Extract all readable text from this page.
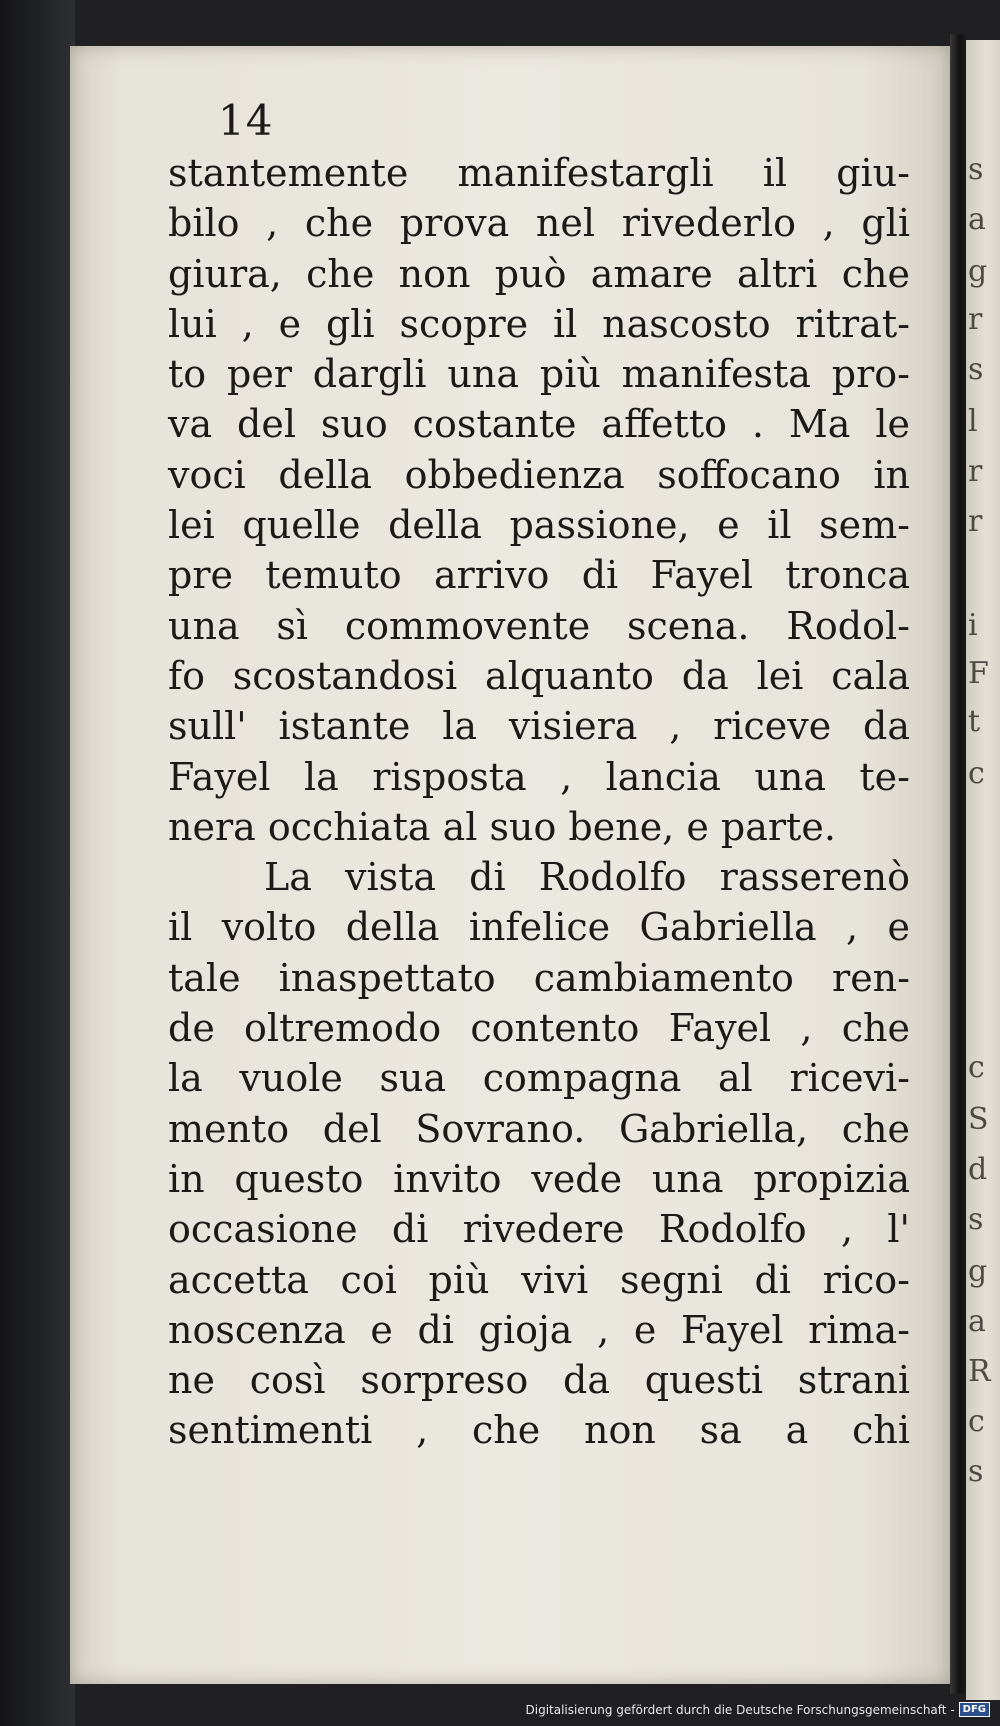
s
a
g
r
s
l
r
r
i
F
t
c
c
S
d
s
g
a
R
c
s
14
stantemente manifestargli il giu-
bilo , che prova nel rivederlo , gli
giura, che non può amare altri che
lui , e gli scopre il nascosto ritrat-
to per dargli una più manifesta pro-
va del suo costante affetto . Ma le
voci della obbedienza soffocano in
lei quelle della passione, e il sem-
pre temuto arrivo di Fayel tronca
una sì commovente scena. Rodol-
fo scostandosi alquanto da lei cala
sull' istante la visiera , riceve da
Fayel la risposta , lancia una te-
nera occhiata al suo bene, e parte.
La vista di Rodolfo rasserenò
il volto della infelice Gabriella , e
tale inaspettato cambiamento ren-
de oltremodo contento Fayel , che
la vuole sua compagna al ricevi-
mento del Sovrano. Gabriella, che
in questo invito vede una propizia
occasione di rivedere Rodolfo , l'
accetta coi più vivi segni di rico-
noscenza e di gioja , e Fayel rima-
ne così sorpreso da questi strani
sentimenti , che non sa a chi
Digitalisierung gefördert durch die Deutsche Forschungsgemeinschaft - DFG
